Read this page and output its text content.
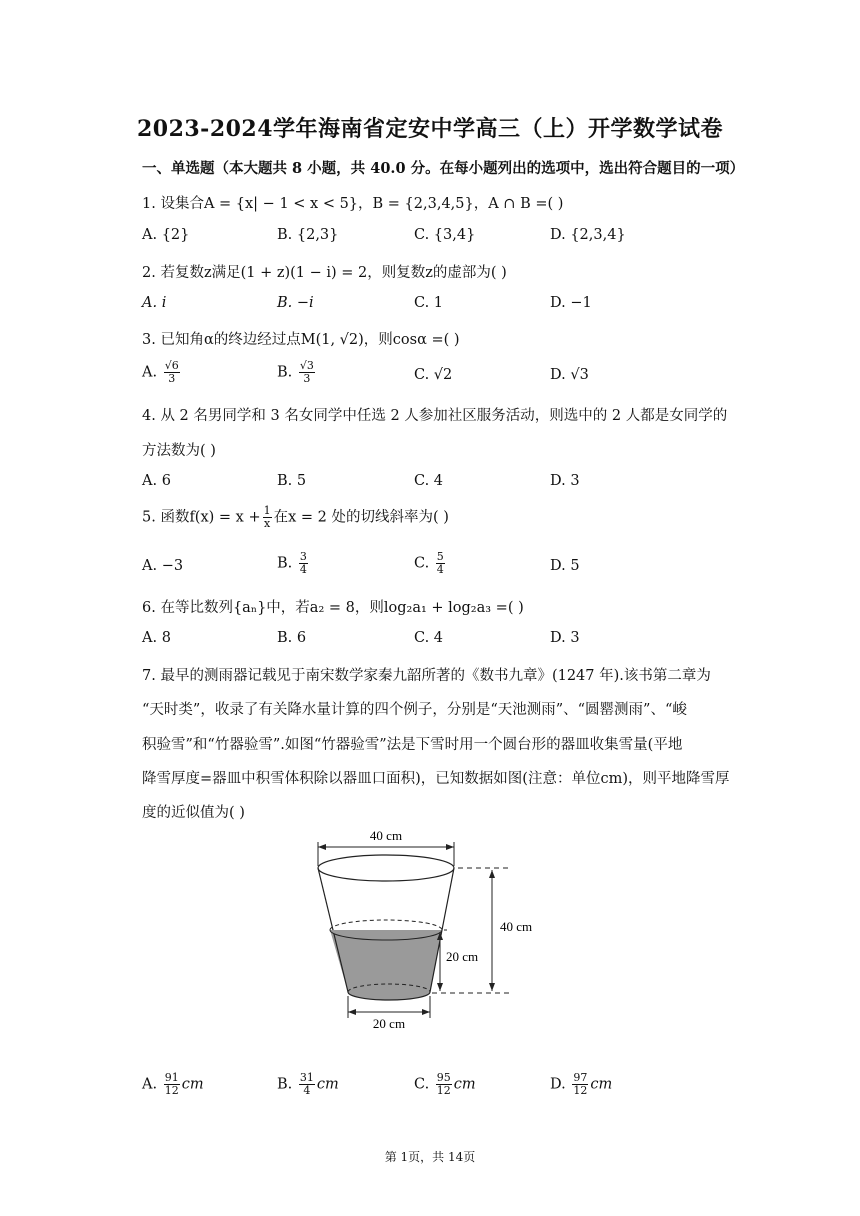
2023-2024学年海南省定安中学高三（上）开学数学试卷
一、单选题（本大题共 8 小题，共 40.0 分。在每小题列出的选项中，选出符合题目的一项）
1. 设集合A = {x| − 1 < x < 5}，B = {2,3,4,5}，A ∩ B =( )
A. {2}	B. {2,3}	C. {3,4}	D. {2,3,4}
2. 若复数z满足(1 + z)(1 − i) = 2，则复数z的虚部为( )
A. i	B. −i	C. 1	D. −1
3. 已知角α的终边经过点M(1, √2)，则cosα =( )
A. $\frac{√6}{3}$	B. $\frac{√3}{3}$	C. √2	D. √3
4. 从 2 名男同学和 3 名女同学中任选 2 人参加社区服务活动，则选中的 2 人都是女同学的
方法数为( )
A. 6	B. 5	C. 4	D. 3
5. 函数$f(x) = x + \frac{1}{x}$ 在x = 2 处的切线斜率为( )
A. −3	B. $\frac{3}{4}$	C. $\frac{5}{4}$	D. 5
6. 在等比数列{aₙ}中，若a₂ = 8，则log₂a₁ + log₂a₃ =( )
A. 8	B. 6	C. 4	D. 3
7. 最早的测雨器记载见于南宋数学家秦九韶所著的《数书九章》(1247 年).该书第二章为
“天时类”，收录了有关降水量计算的四个例子，分别是“天池测雨”、“圆罂测雨”、“峻
积验雪”和“竹器验雪”.如图“竹器验雪”法是下雪时用一个圆台形的器皿收集雪量(平地
降雪厚度=器皿中积雪体积除以器皿口面积)，已知数据如图(注意：单位cm)，则平地降雪厚
度的近似值为( )
40 cm
40 cm
20 cm
20 cm
A. $\frac{91}{12}$ cm	B. $\frac{31}{4}$ cm	C. $\frac{95}{12}$ cm	D. $\frac{97}{12}$ cm
第 1页，共 14页
